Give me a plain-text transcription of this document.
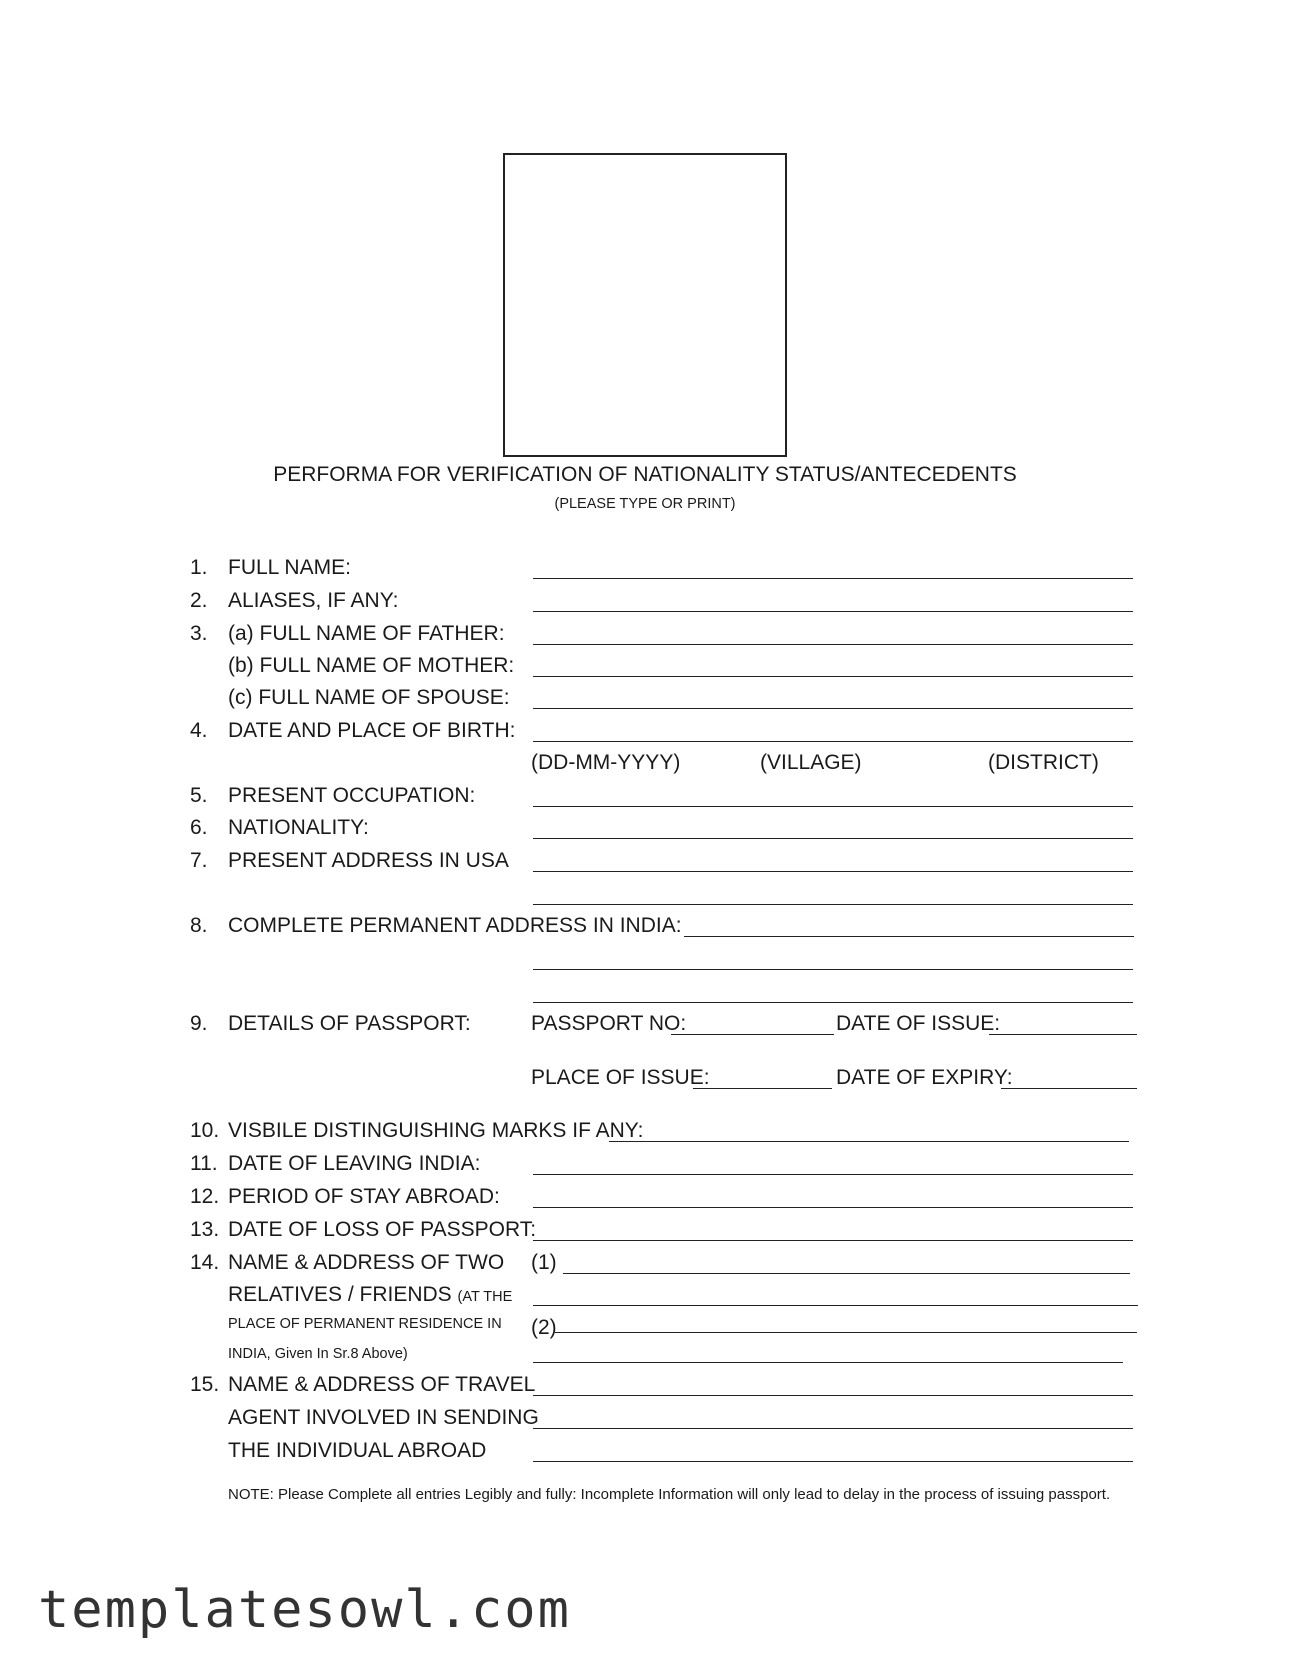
PERFORMA FOR VERIFICATION OF NATIONALITY STATUS/ANTECEDENTS
(PLEASE TYPE OR PRINT)
1. FULL NAME:
2. ALIASES, IF ANY:
3. (a) FULL NAME OF FATHER:
(b) FULL NAME OF MOTHER:
(c) FULL NAME OF SPOUSE:
4. DATE AND PLACE OF BIRTH:
(DD-MM-YYYY)	(VILLAGE)	(DISTRICT)
5. PRESENT OCCUPATION:
6. NATIONALITY:
7. PRESENT ADDRESS IN USA
8. COMPLETE PERMANENT ADDRESS IN INDIA:
9. DETAILS OF PASSPORT:	PASSPORT NO:	DATE OF ISSUE:
PLACE OF ISSUE:	DATE OF EXPIRY:
10. VISBILE DISTINGUISHING MARKS IF ANY:
11. DATE OF LEAVING INDIA:
12. PERIOD OF STAY ABROAD:
13. DATE OF LOSS OF PASSPORT:
14. NAME & ADDRESS OF TWO (1)
RELATIVES / FRIENDS (AT THE
PLACE OF PERMANENT RESIDENCE IN (2)
INDIA, Given In Sr.8 Above)
15. NAME & ADDRESS OF TRAVEL
AGENT INVOLVED IN SENDING
THE INDIVIDUAL ABROAD
NOTE: Please Complete all entries Legibly and fully: Incomplete Information will only lead to delay in the process of issuing passport.
templatesowl.com
